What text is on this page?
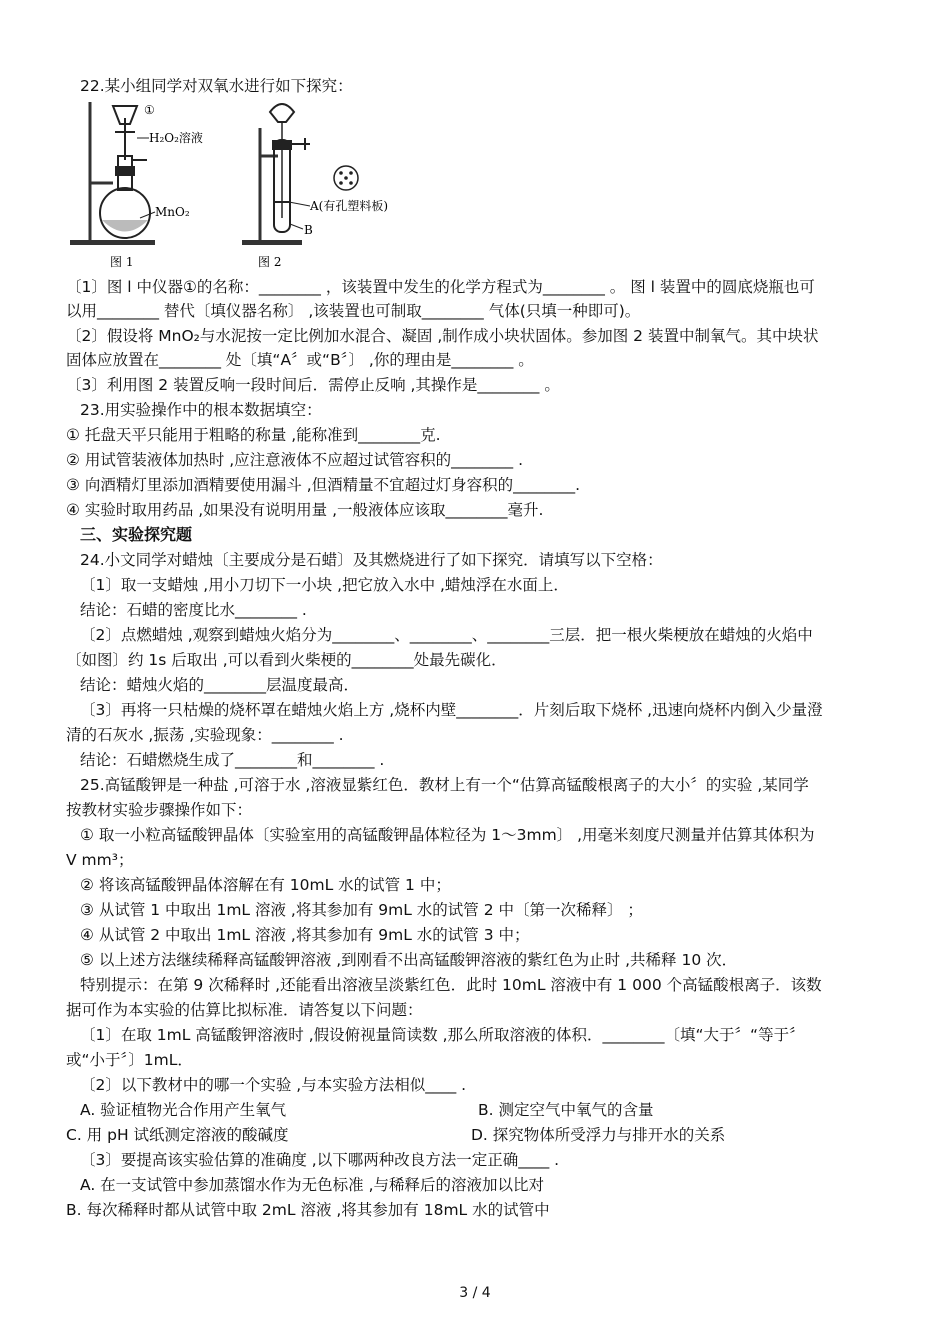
22.某小组同学对双氧水进行如下探究：
①
H₂O₂溶液
MnO₂
图 1
A(有孔塑料板)
B
图 2
〔1〕图 l 中仪器①的名称：________ ，该装置中发生的化学方程式为________ 。 图 l 装置中的圆底烧瓶也可
以用________ 替代〔填仪器名称〕 ,该装置也可制取________ 气体(只填一种即可)。
〔2〕假设将 MnO₂与水泥按一定比例加水混合、凝固 ,制作成小块状固体。参加图 2 装置中制氧气。其中块状
固体应放置在________ 处〔填“A〞或“B〞〕 ,你的理由是________ 。
〔3〕利用图 2 装置反响一段时间后．需停止反响 ,其操作是________ 。
23.用实验操作中的根本数据填空：
① 托盘天平只能用于粗略的称量 ,能称准到________克.
② 用试管装液体加热时 ,应注意液体不应超过试管容积的________ .
③ 向酒精灯里添加酒精要使用漏斗 ,但酒精量不宜超过灯身容积的________.
④ 实验时取用药品 ,如果没有说明用量 ,一般液体应该取________毫升.
三、实验探究题
24.小文同学对蜡烛〔主要成分是石蜡〕及其燃烧进行了如下探究．请填写以下空格：
〔1〕取一支蜡烛 ,用小刀切下一小块 ,把它放入水中 ,蜡烛浮在水面上．
结论：石蜡的密度比水________ .
〔2〕点燃蜡烛 ,观察到蜡烛火焰分为________、________、________三层．把一根火柴梗放在蜡烛的火焰中
〔如图〕约 1s 后取出 ,可以看到火柴梗的________处最先碳化．
结论：蜡烛火焰的________层温度最高．
〔3〕再将一只枯燥的烧杯罩在蜡烛火焰上方 ,烧杯内壁________．片刻后取下烧杯 ,迅速向烧杯内倒入少量澄
清的石灰水 ,振荡 ,实验现象：________ .
结论：石蜡燃烧生成了________和________ .
25.高锰酸钾是一种盐 ,可溶于水 ,溶液显紫红色．教材上有一个“估算高锰酸根离子的大小〞的实验 ,某同学
按教材实验步骤操作如下：
① 取一小粒高锰酸钾晶体〔实验室用的高锰酸钾晶体粒径为 1～3mm〕 ,用毫米刻度尺测量并估算其体积为
V mm³；
② 将该高锰酸钾晶体溶解在有 10mL 水的试管 1 中；
③ 从试管 1 中取出 1mL 溶液 ,将其参加有 9mL 水的试管 2 中〔第一次稀释〕 ；
④ 从试管 2 中取出 1mL 溶液 ,将其参加有 9mL 水的试管 3 中；
⑤ 以上述方法继续稀释高锰酸钾溶液 ,到刚看不出高锰酸钾溶液的紫红色为止时 ,共稀释 10 次．
特别提示：在第 9 次稀释时 ,还能看出溶液呈淡紫红色．此时 10mL 溶液中有 1 000 个高锰酸根离子．该数
据可作为本实验的估算比拟标准．请答复以下问题：
〔1〕在取 1mL 高锰酸钾溶液时 ,假设俯视量筒读数 ,那么所取溶液的体积．________〔填“大于〞“等于〞
或“小于〞〕1mL．
〔2〕以下教材中的哪一个实验 ,与本实验方法相似____ .
A. 验证植物光合作用产生氧气	B. 测定空气中氧气的含量
C. 用 pH 试纸测定溶液的酸碱度	D. 探究物体所受浮力与排开水的关系
〔3〕要提高该实验估算的准确度 ,以下哪两种改良方法一定正确____ .
A. 在一支试管中参加蒸馏水作为无色标准 ,与稀释后的溶液加以比对
B. 每次稀释时都从试管中取 2mL 溶液 ,将其参加有 18mL 水的试管中
3 / 4
